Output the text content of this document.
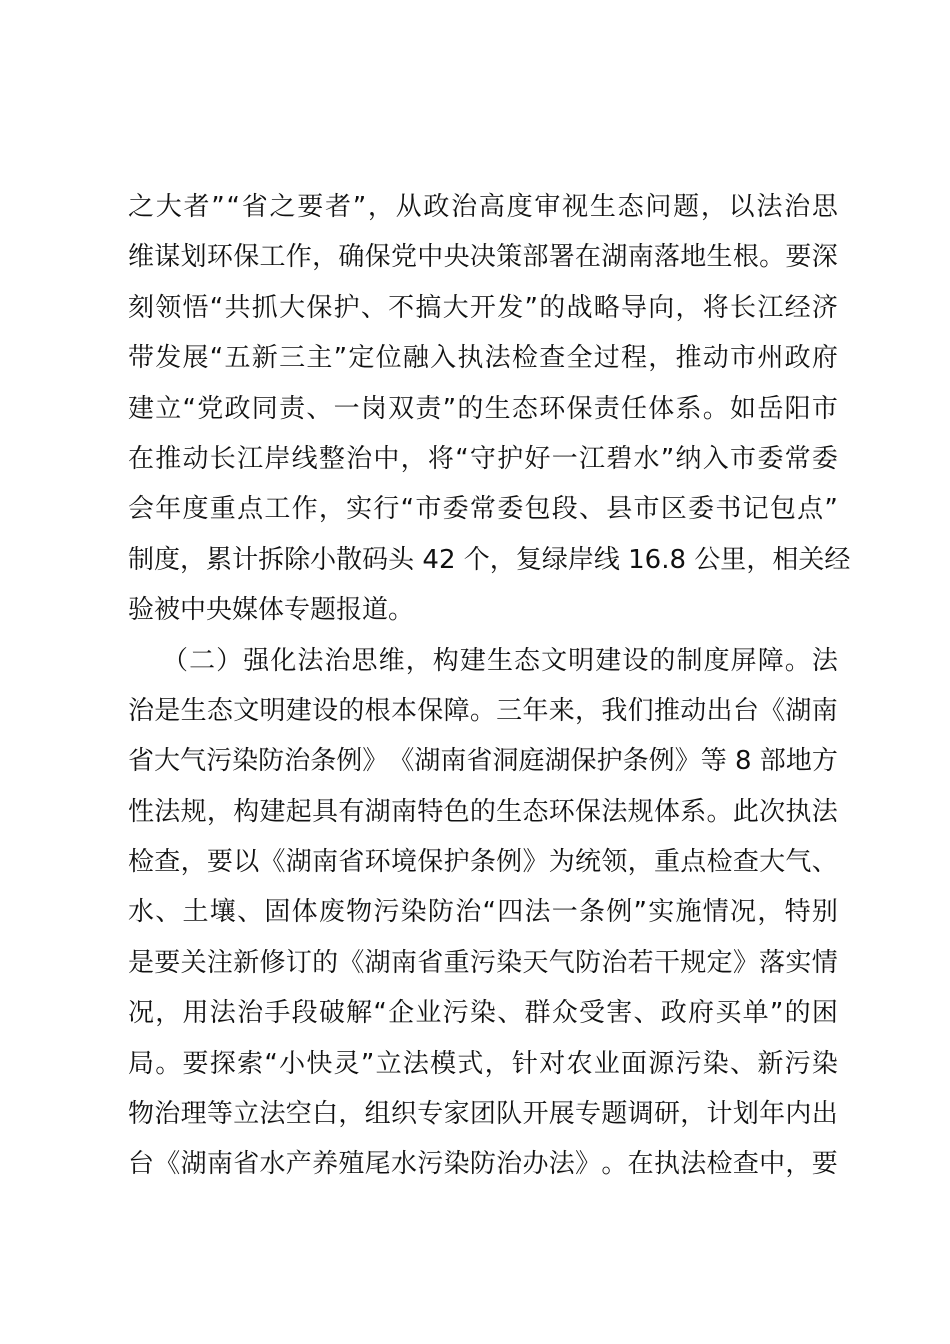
之 大 者 ” “ 省 之 要 者 ” ， 从 政 治 高 度 审 视 生 态 问 题 ， 以 法 治 思
维 谋 划 环 保 工 作 ， 确 保 党 中 央 决 策 部 署 在 湖 南 落 地 生 根 。 要 深
刻 领 悟 “ 共 抓 大 保 护 、 不 搞 大 开 发 ” 的 战 略 导 向 ， 将 长 江 经 济
带 发 展 “ 五 新 三 主 ” 定 位 融 入 执 法 检 查 全 过 程 ， 推 动 市 州 政 府
建 立 “ 党 政 同 责 、 一 岗 双 责 ” 的 生 态 环 保 责 任 体 系 。 如 岳 阳 市
在 推 动 长 江 岸 线 整 治 中 ， 将 “ 守 护 好 一 江 碧 水 ” 纳 入 市 委 常 委
会 年 度 重 点 工 作 ， 实 行 “ 市 委 常 委 包 段 、 县 市 区 委 书 记 包 点 ”
制 度 ， 累 计 拆 除 小 散 码 头 42 个 ， 复 绿 岸 线 16.8 公 里 ， 相 关 经
验被中央媒体专题报道。
（ 二 ） 强 化 法 治 思 维 ， 构 建 生 态 文 明 建 设 的 制 度 屏 障 。 法
治 是 生 态 文 明 建 设 的 根 本 保 障 。 三 年 来 ， 我 们 推 动 出 台 《 湖 南
省 大 气 污 染 防 治 条 例 》 《 湖 南 省 洞 庭 湖 保 护 条 例 》 等 8 部 地 方
性 法 规 ， 构 建 起 具 有 湖 南 特 色 的 生 态 环 保 法 规 体 系 。 此 次 执 法
检 查 ， 要 以 《 湖 南 省 环 境 保 护 条 例 》 为 统 领 ， 重 点 检 查 大 气 、
水 、 土 壤 、 固 体 废 物 污 染 防 治 “ 四 法 一 条 例 ” 实 施 情 况 ， 特 别
是 要 关 注 新 修 订 的 《 湖 南 省 重 污 染 天 气 防 治 若 干 规 定 》 落 实 情
况 ， 用 法 治 手 段 破 解 “ 企 业 污 染 、 群 众 受 害 、 政 府 买 单 ” 的 困
局 。 要 探 索 “ 小 快 灵 ” 立 法 模 式 ， 针 对 农 业 面 源 污 染 、 新 污 染
物 治 理 等 立 法 空 白 ， 组 织 专 家 团 队 开 展 专 题 调 研 ， 计 划 年 内 出
台 《 湖 南 省 水 产 养 殖 尾 水 污 染 防 治 办 法 》 。 在 执 法 检 查 中 ， 要
